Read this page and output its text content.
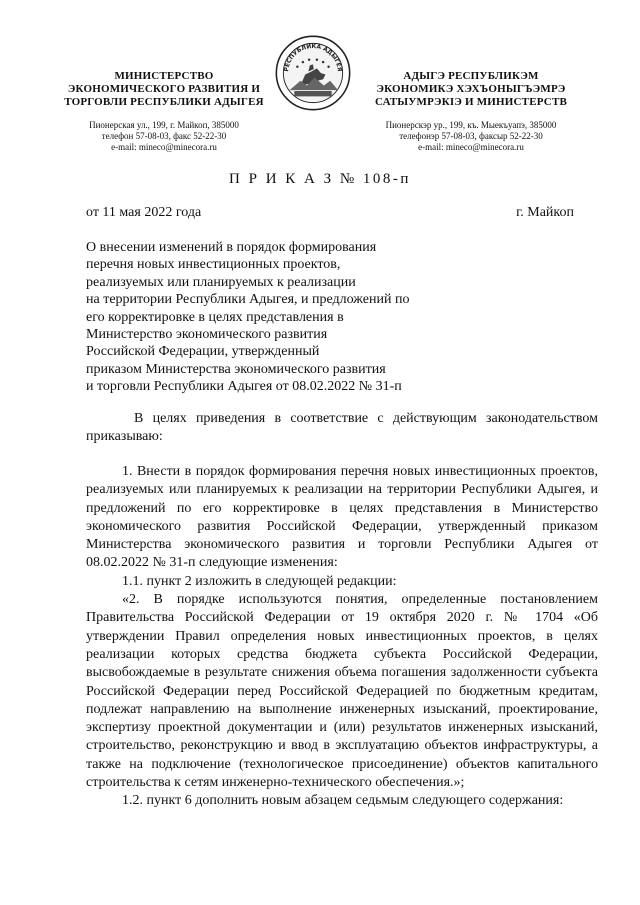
МИНИСТЕРСТВО
ЭКОНОМИЧЕСКОГО РАЗВИТИЯ И
ТОРГОВЛИ РЕСПУБЛИКИ АДЫГЕЯ
Пионерская ул., 199, г. Майкоп, 385000
телефон 57-08-03, факс 52-22-30
e-mail: mineco@minecora.ru
РЕСПУБЛИКА АДЫГЕЯ
АДЫГЭ РЕСПУБЛИКЭМ
ЭКОНОМИКЭ ХЭХЪОНЫГЪЭМРЭ
САТЫУМРЭКIЭ И МИНИСТЕРСТВ
Пионерскэр ур., 199, къ. Мыекъуапэ, 385000
телефонэр 57-08-03, факсыр 52-22-30
e-mail: mineco@minecora.ru
П Р И К А З № 108-п
от 11 мая 2022 года	г. Майкоп
О внесении изменений в порядок формирования
перечня новых инвестиционных проектов,
реализуемых или планируемых к реализации
на территории Республики Адыгея, и предложений по
его корректировке в целях представления в
Министерство экономического развития
Российской Федерации, утвержденный
приказом Министерства экономического развития
и торговли Республики Адыгея от 08.02.2022 № 31-п
В целях приведения в соответствие с действующим законодательством приказываю:

1. Внести в порядок формирования перечня новых инвестиционных проектов, реализуемых или планируемых к реализации на территории Республики Адыгея, и предложений по его корректировке в целях представления в Министерство экономического развития Российской Федерации, утвержденный приказом Министерства экономического развития и торговли Республики Адыгея от 08.02.2022 № 31-п следующие изменения:

1.1. пункт 2 изложить в следующей редакции:

«2. В порядке используются понятия, определенные постановлением Правительства Российской Федерации от 19 октября 2020 г. № 1704 «Об утверждении Правил определения новых инвестиционных проектов, в целях реализации которых средства бюджета субъекта Российской Федерации, высвобождаемые в результате снижения объема погашения задолженности субъекта Российской Федерации перед Российской Федерацией по бюджетным кредитам, подлежат направлению на выполнение инженерных изысканий, проектирование, экспертизу проектной документации и (или) результатов инженерных изысканий, строительство, реконструкцию и ввод в эксплуатацию объектов инфраструктуры, а также на подключение (технологическое присоединение) объектов капитального строительства к сетям инженерно-технического обеспечения.»;

1.2. пункт 6 дополнить новым абзацем седьмым следующего содержания:
